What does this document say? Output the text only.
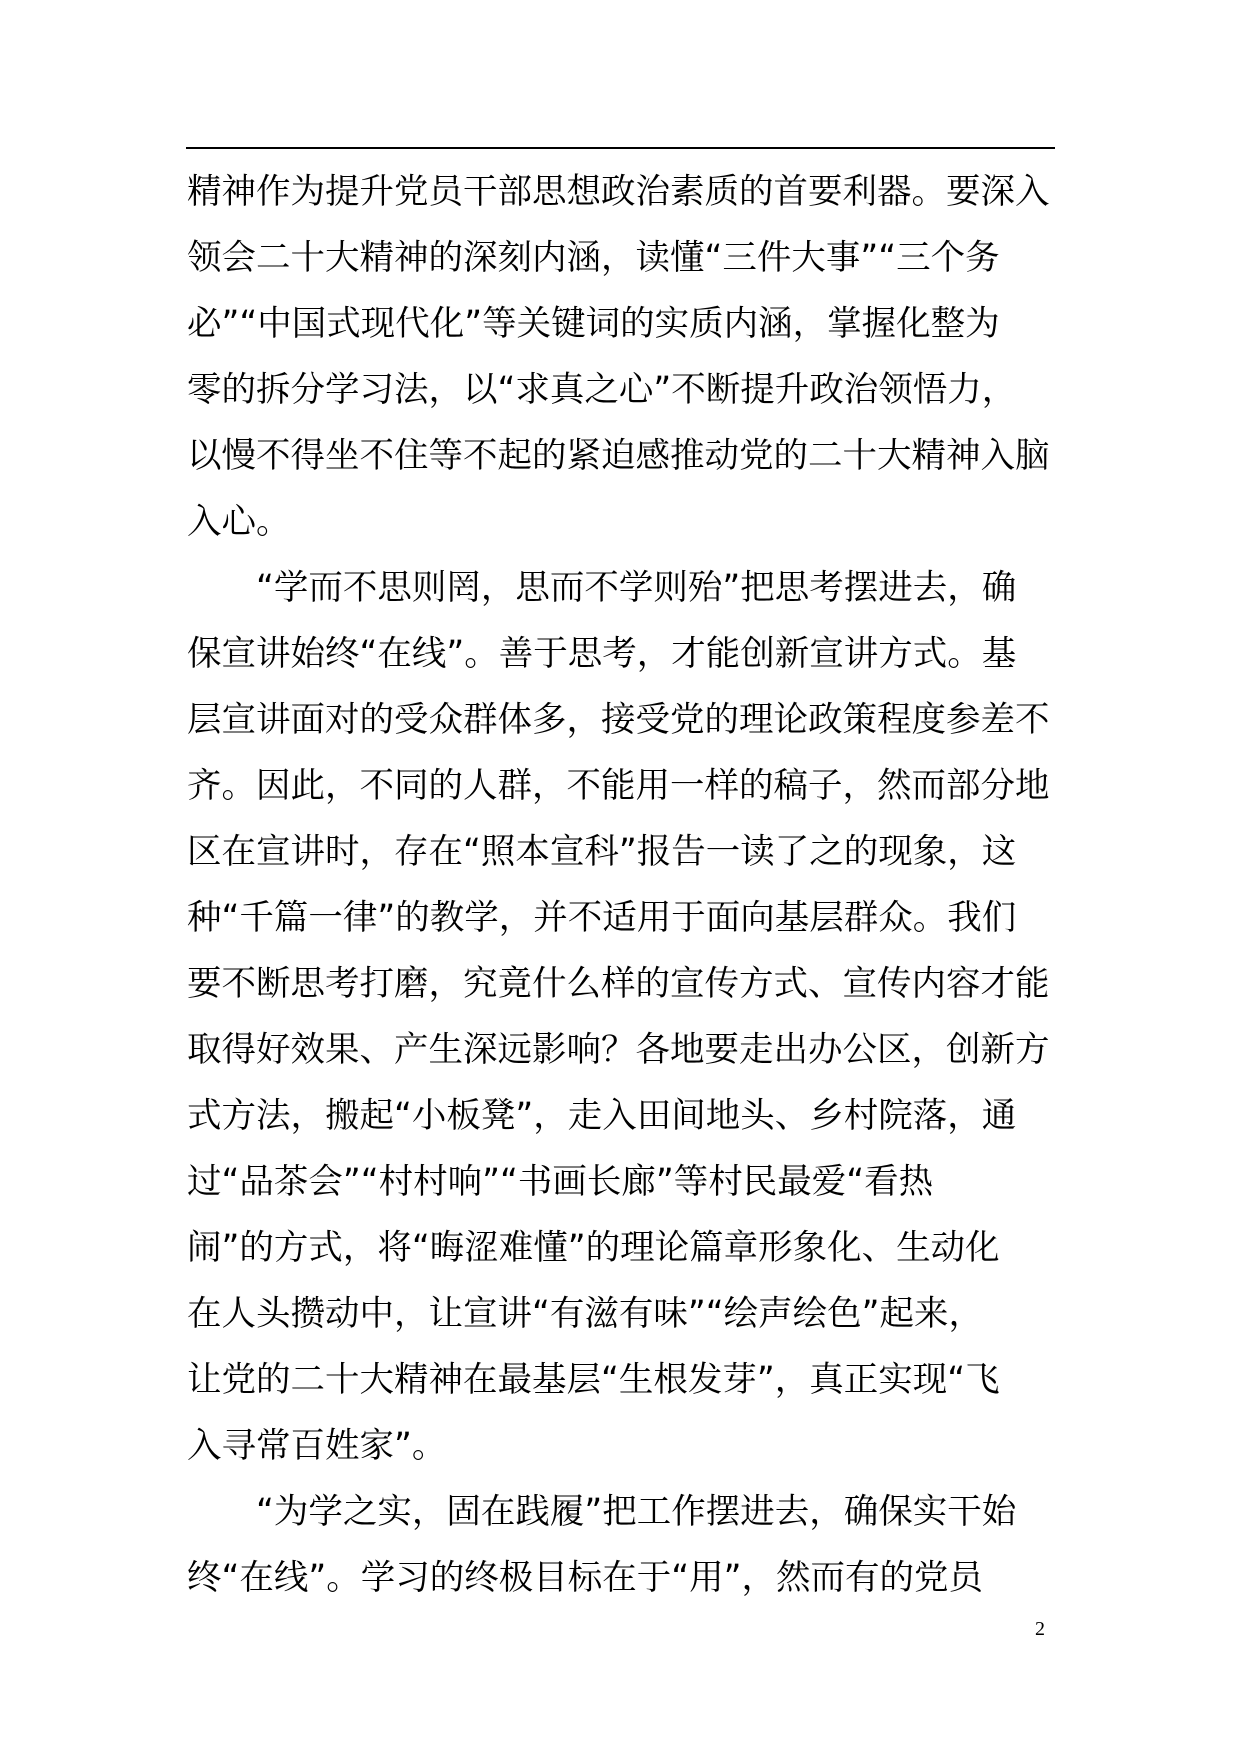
精神作为提升党员干部思想政治素质的首要利器。要深入
领会二十大精神的深刻内涵，读懂“三件大事”“三个务
必”“中国式现代化”等关键词的实质内涵，掌握化整为
零的拆分学习法，以“求真之心”不断提升政治领悟力，
以慢不得坐不住等不起的紧迫感推动党的二十大精神入脑
入心。
“学而不思则罔，思而不学则殆”把思考摆进去，确
保宣讲始终“在线”。善于思考，才能创新宣讲方式。基
层宣讲面对的受众群体多，接受党的理论政策程度参差不
齐。因此，不同的人群，不能用一样的稿子，然而部分地
区在宣讲时，存在“照本宣科”报告一读了之的现象，这
种“千篇一律”的教学，并不适用于面向基层群众。我们
要不断思考打磨，究竟什么样的宣传方式、宣传内容才能
取得好效果、产生深远影响？各地要走出办公区，创新方
式方法，搬起“小板凳”，走入田间地头、乡村院落，通
过“品茶会”“村村响”“书画长廊”等村民最爱“看热
闹”的方式，将“晦涩难懂”的理论篇章形象化、生动化
在人头攒动中，让宣讲“有滋有味”“绘声绘色”起来，
让党的二十大精神在最基层“生根发芽”，真正实现“飞
入寻常百姓家”。
“为学之实，固在践履”把工作摆进去，确保实干始
终“在线”。学习的终极目标在于“用”，然而有的党员
2
